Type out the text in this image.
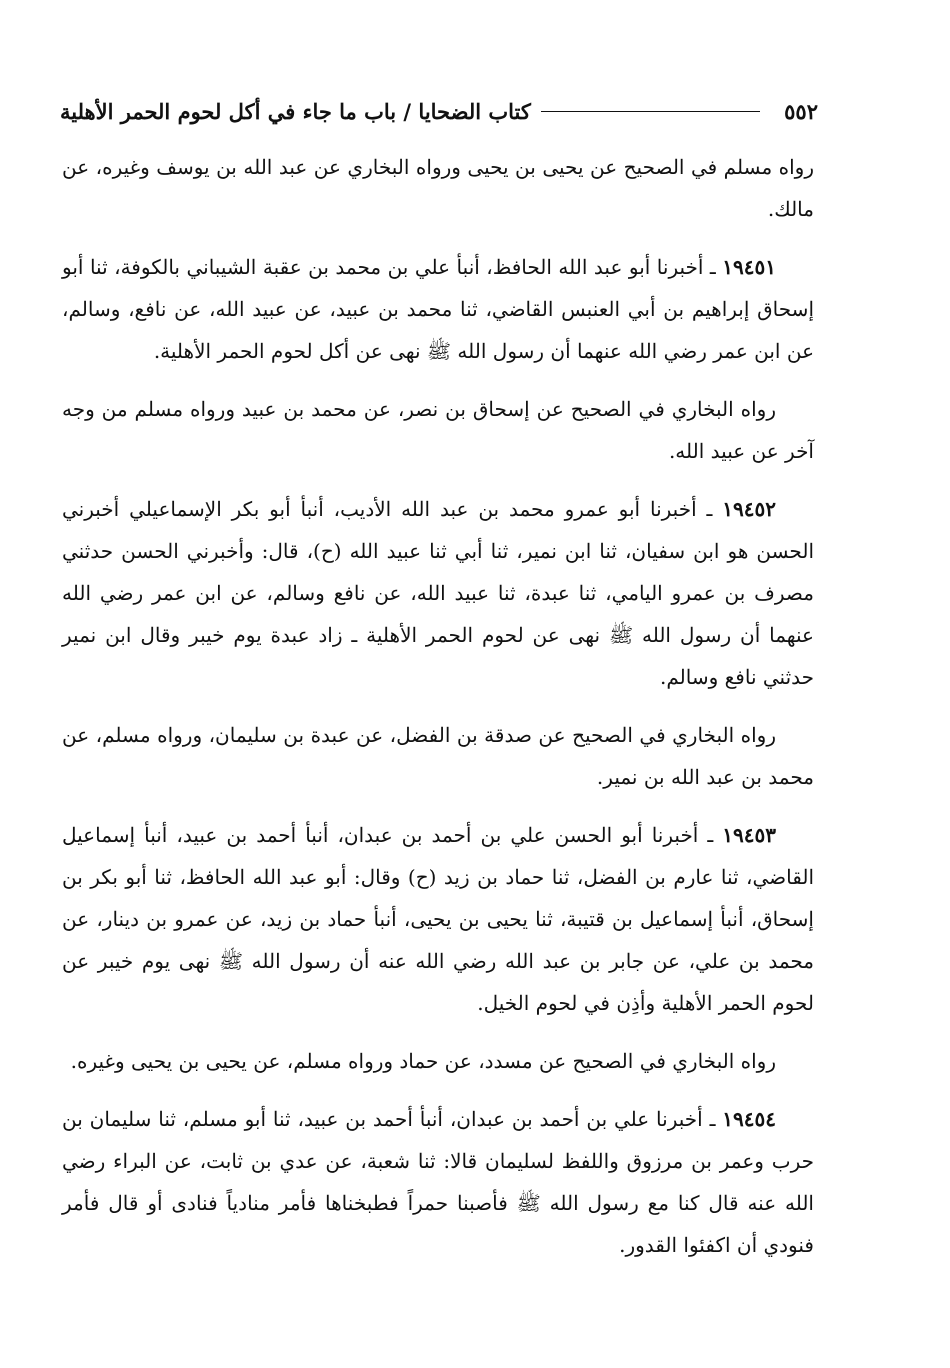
٥٥٢
كتاب الضحايا / باب ما جاء في أكل لحوم الحمر الأهلية

رواه مسلم في الصحيح عن يحيى بن يحيى ورواه البخاري عن عبد الله بن يوسف وغيره، عن مالك.

١٩٤٥١ ـ أخبرنا أبو عبد الله الحافظ، أنبأ علي بن محمد بن عقبة الشيباني بالكوفة، ثنا أبو إسحاق إبراهيم بن أبي العنبس القاضي، ثنا محمد بن عبيد، عن عبيد الله، عن نافع، وسالم، عن ابن عمر رضي الله عنهما أن رسول الله ﷺ نهى عن أكل لحوم الحمر الأهلية.

رواه البخاري في الصحيح عن إسحاق بن نصر، عن محمد بن عبيد ورواه مسلم من وجه آخر عن عبيد الله.

١٩٤٥٢ ـ أخبرنا أبو عمرو محمد بن عبد الله الأديب، أنبأ أبو بكر الإسماعيلي أخبرني الحسن هو ابن سفيان، ثنا ابن نمير، ثنا أبي ثنا عبيد الله (ح)، قال: وأخبرني الحسن حدثني مصرف بن عمرو اليامي، ثنا عبدة، ثنا عبيد الله، عن نافع وسالم، عن ابن عمر رضي الله عنهما أن رسول الله ﷺ نهى عن لحوم الحمر الأهلية ـ زاد عبدة يوم خيبر وقال ابن نمير حدثني نافع وسالم.

رواه البخاري في الصحيح عن صدقة بن الفضل، عن عبدة بن سليمان، ورواه مسلم، عن محمد بن عبد الله بن نمير.

١٩٤٥٣ ـ أخبرنا أبو الحسن علي بن أحمد بن عبدان، أنبأ أحمد بن عبيد، أنبأ إسماعيل القاضي، ثنا عارم بن الفضل، ثنا حماد بن زيد (ح) وقال: أبو عبد الله الحافظ، ثنا أبو بكر بن إسحاق، أنبأ إسماعيل بن قتيبة، ثنا يحيى بن يحيى، أنبأ حماد بن زيد، عن عمرو بن دينار، عن محمد بن علي، عن جابر بن عبد الله رضي الله عنه أن رسول الله ﷺ نهى يوم خيبر عن لحوم الحمر الأهلية وأذِن في لحوم الخيل.

رواه البخاري في الصحيح عن مسدد، عن حماد ورواه مسلم، عن يحيى بن يحيى وغيره.

١٩٤٥٤ ـ أخبرنا علي بن أحمد بن عبدان، أنبأ أحمد بن عبيد، ثنا أبو مسلم، ثنا سليمان بن حرب وعمر بن مرزوق واللفظ لسليمان قالا: ثنا شعبة، عن عدي بن ثابت، عن البراء رضي الله عنه قال كنا مع رسول الله ﷺ فأصبنا حمراً فطبخناها فأمر منادياً فنادى أو قال فأمر فنودي أن اكفئوا القدور.
